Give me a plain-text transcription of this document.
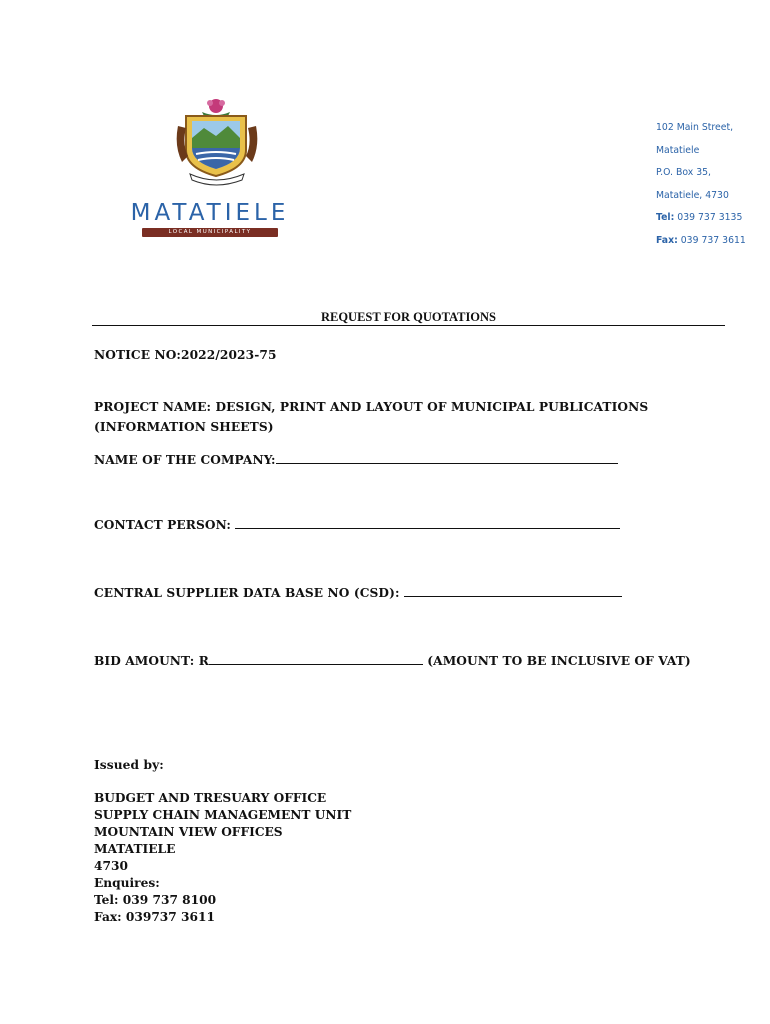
MATATIELE
LOCAL MUNICIPALITY
102 Main Street,
Matatiele
P.O. Box 35,
Matatiele, 4730
Tel: 039 737 3135
Fax: 039 737 3611
REQUEST FOR QUOTATIONS
NOTICE NO:2022/2023-75
PROJECT NAME: DESIGN, PRINT AND LAYOUT OF MUNICIPAL PUBLICATIONS
(INFORMATION SHEETS)
NAME OF THE COMPANY:
CONTACT PERSON:
CENTRAL SUPPLIER DATA BASE NO (CSD):
BID AMOUNT: R	(AMOUNT TO BE INCLUSIVE OF VAT)
Issued by:
BUDGET AND TRESUARY OFFICE
SUPPLY CHAIN MANAGEMENT UNIT
MOUNTAIN VIEW OFFICES
MATATIELE
4730
Enquires:
Tel: 039 737 8100
Fax: 039737 3611
